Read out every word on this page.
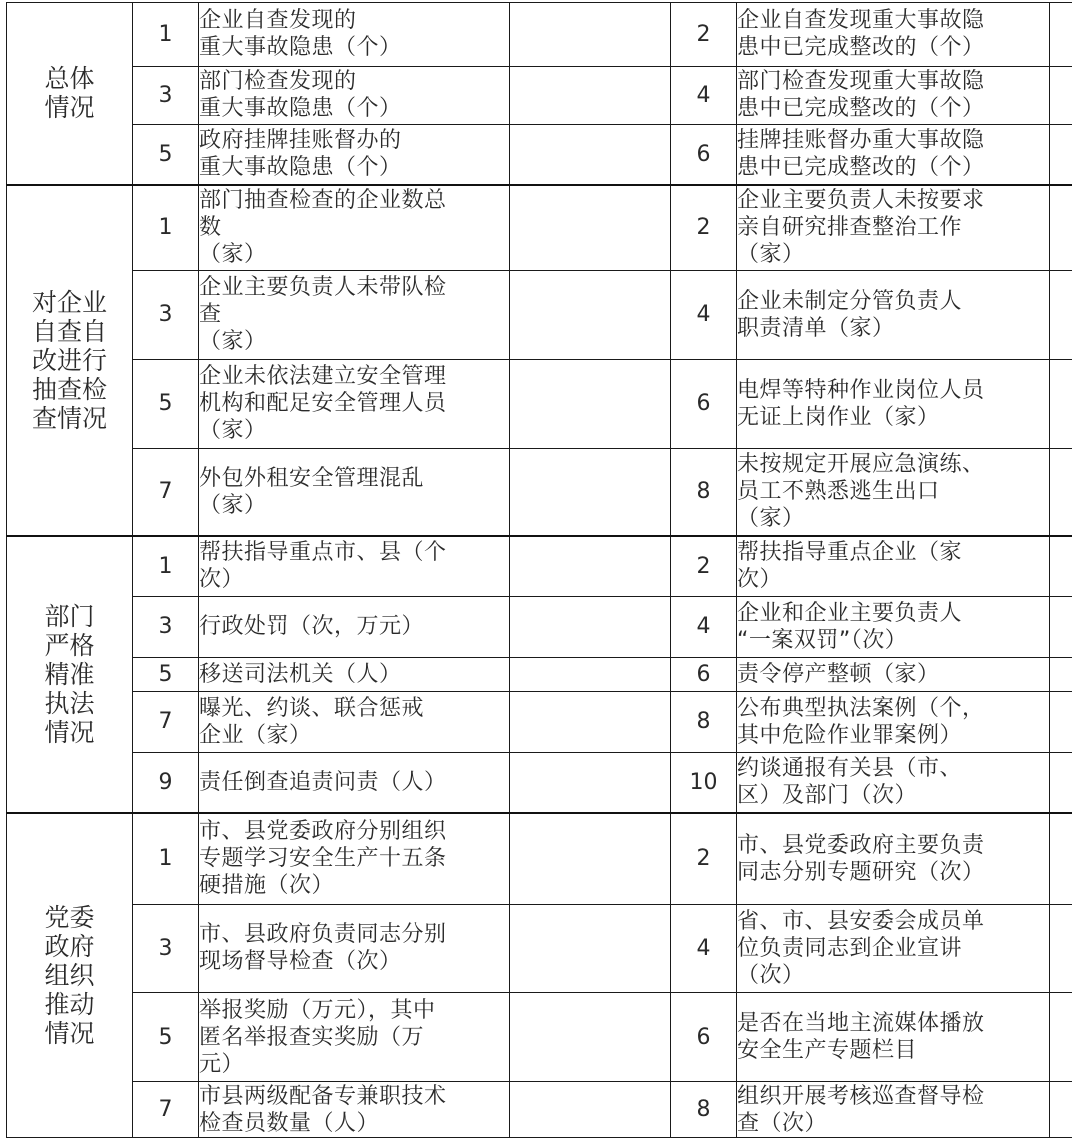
总体
情况	1	企业自查发现的
重大事故隐患（个）		2	企业自查发现重大事故隐
患中已完成整改的（个）	
	3	部门检查发现的
重大事故隐患（个）		4	部门检查发现重大事故隐
患中已完成整改的（个）	
	5	政府挂牌挂账督办的
重大事故隐患（个）		6	挂牌挂账督办重大事故隐
患中已完成整改的（个）	
对企业
自查自
改进行
抽查检
查情况	1	部门抽查检查的企业数总
数
（家）		2	企业主要负责人未按要求
亲自研究排查整治工作
（家）	
	3	企业主要负责人未带队检
查
（家）		4	企业未制定分管负责人
职责清单（家）	
	5	企业未依法建立安全管理
机构和配足安全管理人员
（家）		6	电焊等特种作业岗位人员
无证上岗作业（家）	
	7	外包外租安全管理混乱
（家）		8	未按规定开展应急演练、
员工不熟悉逃生出口
（家）	
部门
严格
精准
执法
情况	1	帮扶指导重点市、县（个
次）		2	帮扶指导重点企业（家
次）	
	3	行政处罚（次，万元）		4	企业和企业主要负责人
“一案双罚”（次）	
	5	移送司法机关（人）		6	责令停产整顿（家）	
	7	曝光、约谈、联合惩戒
企业（家）		8	公布典型执法案例（个，
其中危险作业罪案例）	
	9	责任倒查追责问责（人）		10	约谈通报有关县（市、
区）及部门（次）	
党委
政府
组织
推动
情况	1	市、县党委政府分别组织
专题学习安全生产十五条
硬措施（次）		2	市、县党委政府主要负责
同志分别专题研究（次）	
	3	市、县政府负责同志分别
现场督导检查（次）		4	省、市、县安委会成员单
位负责同志到企业宣讲
（次）	
	5	举报奖励（万元），其中
匿名举报查实奖励（万
元）		6	是否在当地主流媒体播放
安全生产专题栏目	
	7	市县两级配备专兼职技术
检查员数量（人）		8	组织开展考核巡查督导检
查（次）	
